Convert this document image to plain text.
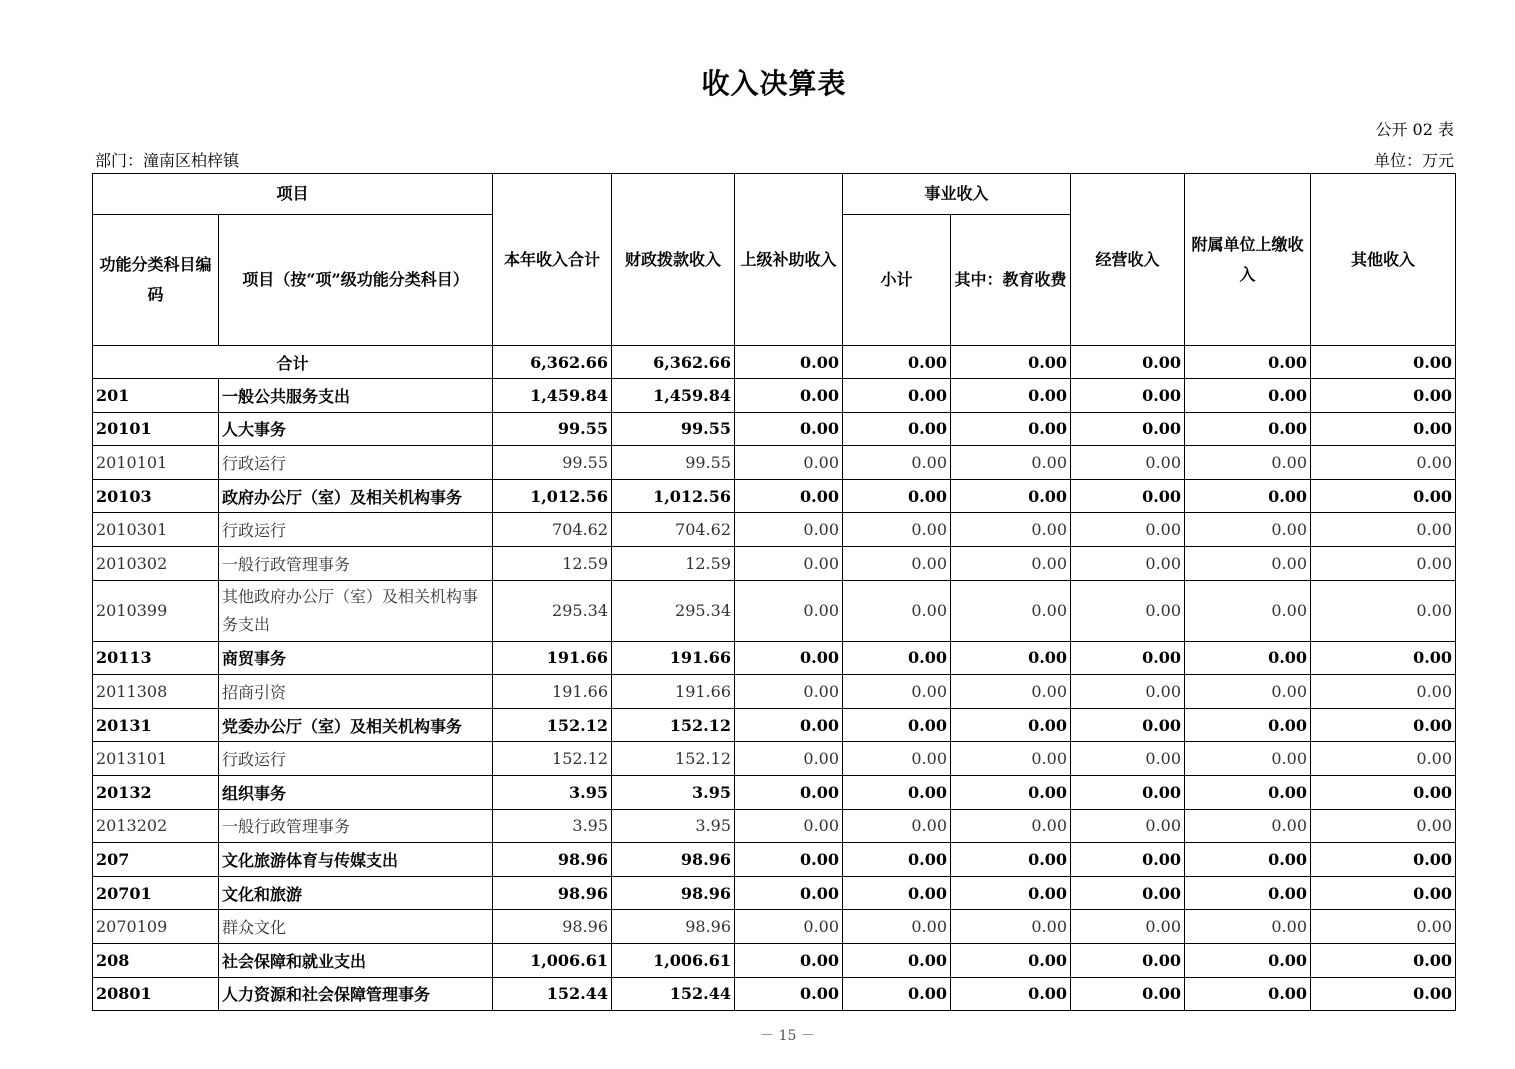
收入决算表
公开 02 表
部门：潼南区柏梓镇	单位：万元
项目		本年收入合计	财政拨款收入	上级补助收入	事业收入		经营收入	附属单位上缴收入	其他收入
功能分类科目编码	项目（按“项”级功能分类科目）				小计	其中：教育收费			
合计		6,362.66	6,362.66	0.00	0.00	0.00	0.00	0.00	0.00
201	一般公共服务支出	1,459.84	1,459.84	0.00	0.00	0.00	0.00	0.00	0.00
20101	人大事务	99.55	99.55	0.00	0.00	0.00	0.00	0.00	0.00
2010101	行政运行	99.55	99.55	0.00	0.00	0.00	0.00	0.00	0.00
20103	政府办公厅（室）及相关机构事务	1,012.56	1,012.56	0.00	0.00	0.00	0.00	0.00	0.00
2010301	行政运行	704.62	704.62	0.00	0.00	0.00	0.00	0.00	0.00
2010302	一般行政管理事务	12.59	12.59	0.00	0.00	0.00	0.00	0.00	0.00
2010399	其他政府办公厅（室）及相关机构事务支出	295.34	295.34	0.00	0.00	0.00	0.00	0.00	0.00
20113	商贸事务	191.66	191.66	0.00	0.00	0.00	0.00	0.00	0.00
2011308	招商引资	191.66	191.66	0.00	0.00	0.00	0.00	0.00	0.00
20131	党委办公厅（室）及相关机构事务	152.12	152.12	0.00	0.00	0.00	0.00	0.00	0.00
2013101	行政运行	152.12	152.12	0.00	0.00	0.00	0.00	0.00	0.00
20132	组织事务	3.95	3.95	0.00	0.00	0.00	0.00	0.00	0.00
2013202	一般行政管理事务	3.95	3.95	0.00	0.00	0.00	0.00	0.00	0.00
207	文化旅游体育与传媒支出	98.96	98.96	0.00	0.00	0.00	0.00	0.00	0.00
20701	文化和旅游	98.96	98.96	0.00	0.00	0.00	0.00	0.00	0.00
2070109	群众文化	98.96	98.96	0.00	0.00	0.00	0.00	0.00	0.00
208	社会保障和就业支出	1,006.61	1,006.61	0.00	0.00	0.00	0.00	0.00	0.00
20801	人力资源和社会保障管理事务	152.44	152.44	0.00	0.00	0.00	0.00	0.00	0.00
－ 15 －
